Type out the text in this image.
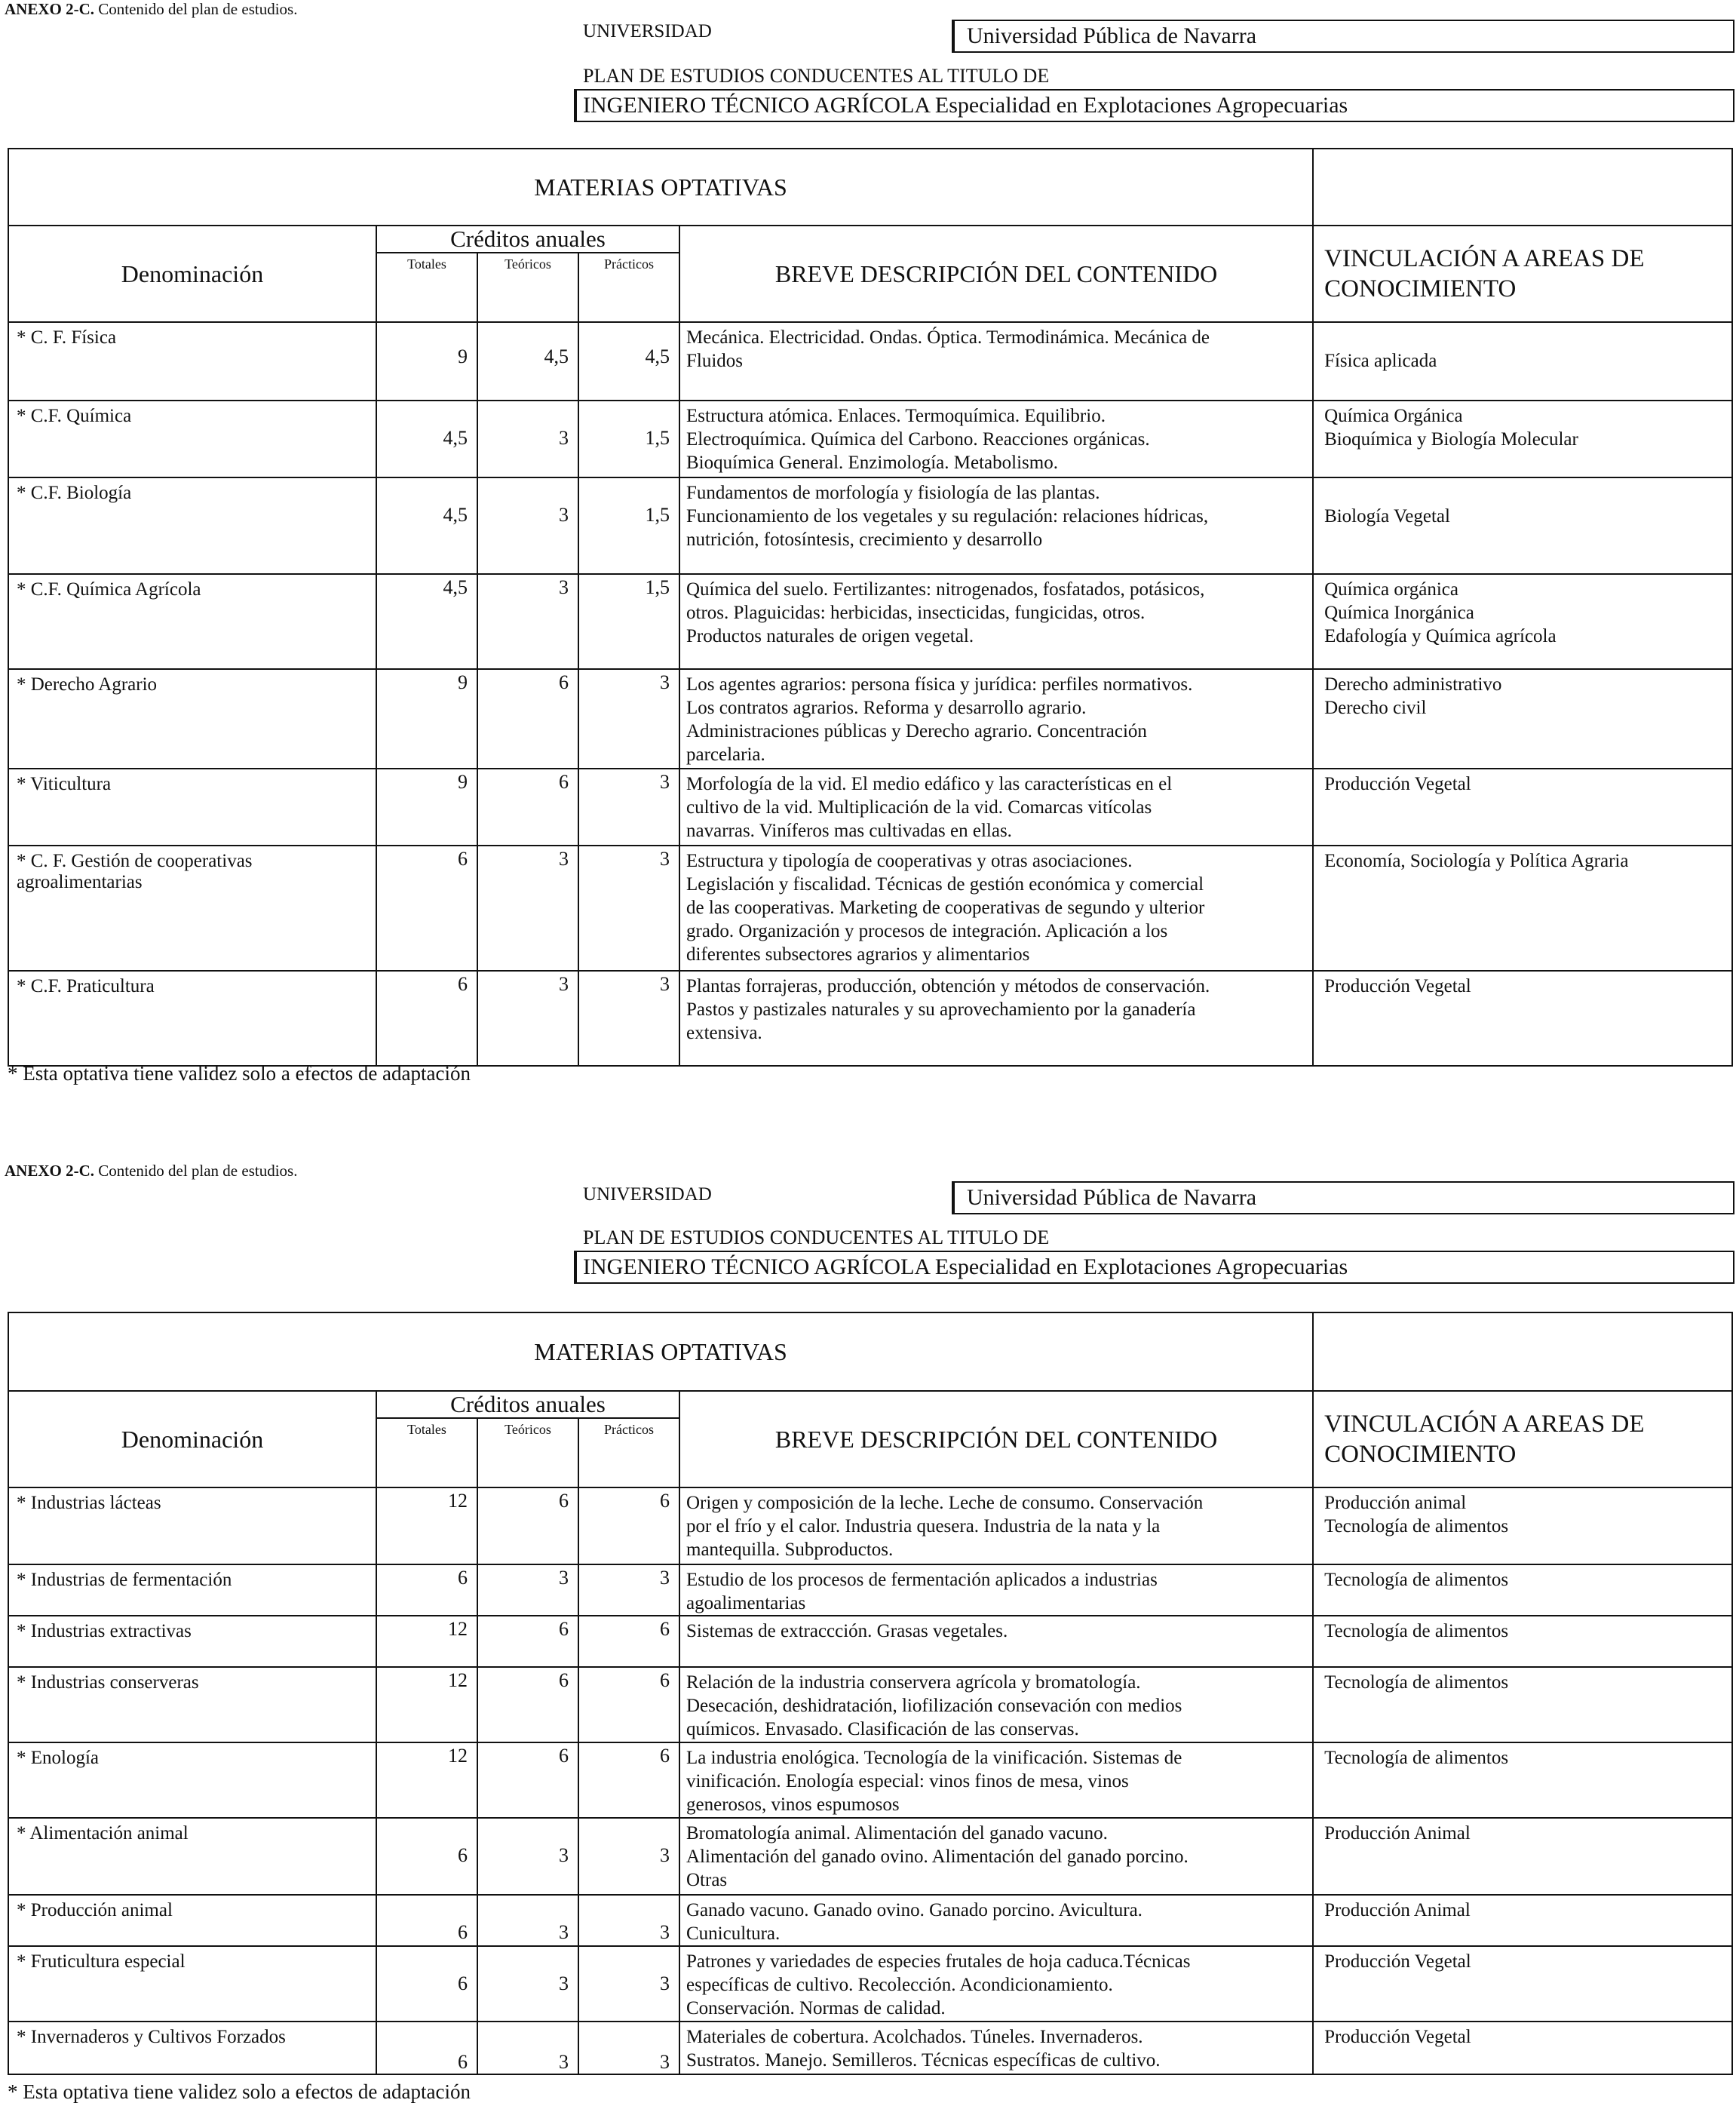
ANEXO 2-C. Contenido del plan de estudios.
UNIVERSIDAD	Universidad Pública de Navarra
PLAN DE ESTUDIOS CONDUCENTES AL TITULO DE
INGENIERO TÉCNICO AGRÍCOLA Especialidad en Explotaciones Agropecuarias
MATERIAS OPTATIVAS					
Denominación	Créditos anuales			BREVE DESCRIPCIÓN DEL CONTENIDO	VINCULACIÓN A AREAS DE CONOCIMIENTO
	Totales	Teóricos	Prácticos		
* C. F. Física	9	4,5	4,5	Mecánica. Electricidad. Ondas. Óptica. Termodinámica. Mecánica de
Fluidos	Física aplicada

* C.F. Química	4,5	3	1,5	Estructura atómica. Enlaces. Termoquímica. Equilibrio.
Electroquímica. Química del Carbono. Reacciones orgánicas.
Bioquímica General. Enzimología. Metabolismo.	Química Orgánica
Bioquímica y Biología Molecular

* C.F. Biología	4,5	3	1,5	Fundamentos de morfología y fisiología de las plantas.
Funcionamiento de los vegetales y su regulación: relaciones hídricas,
nutrición, fotosíntesis, crecimiento y desarrollo	Biología Vegetal

* C.F. Química Agrícola	4,5	3	1,5	Química del suelo. Fertilizantes: nitrogenados, fosfatados, potásicos,
otros. Plaguicidas: herbicidas, insecticidas, fungicidas, otros.
Productos naturales de origen vegetal.	Química orgánica
Química Inorgánica
Edafología y Química agrícola

* Derecho Agrario	9	6	3	Los agentes agrarios: persona física y jurídica: perfiles normativos.
Los contratos agrarios. Reforma y desarrollo agrario.
Administraciones públicas y Derecho agrario. Concentración
parcelaria.	Derecho administrativo
Derecho civil

* Viticultura	9	6	3	Morfología de la vid. El medio edáfico y las características en el
cultivo de la vid. Multiplicación de la vid. Comarcas vitícolas
navarras. Viníferos mas cultivadas en ellas.	Producción Vegetal

* C. F. Gestión de cooperativas agroalimentarias	6	3	3	Estructura y tipología de cooperativas y otras asociaciones.
Legislación y fiscalidad. Técnicas de gestión económica y comercial
de las cooperativas. Marketing de cooperativas de segundo y ulterior
grado. Organización y procesos de integración. Aplicación a los
diferentes subsectores agrarios y alimentarios	Economía, Sociología y Política Agraria

* C.F. Praticultura	6	3	3	Plantas forrajeras, producción, obtención y métodos de conservación.
Pastos y pastizales naturales y su aprovechamiento por la ganadería
extensiva.	Producción Vegetal
* Esta optativa tiene validez solo a efectos de adaptación
ANEXO 2-C. Contenido del plan de estudios.
UNIVERSIDAD	Universidad Pública de Navarra
PLAN DE ESTUDIOS CONDUCENTES AL TITULO DE
INGENIERO TÉCNICO AGRÍCOLA Especialidad en Explotaciones Agropecuarias
MATERIAS OPTATIVAS					
Denominación	Créditos anuales			BREVE DESCRIPCIÓN DEL CONTENIDO	VINCULACIÓN A AREAS DE CONOCIMIENTO
	Totales	Teóricos	Prácticos		
* Industrias lácteas	12	6	6	Origen y composición de la leche. Leche de consumo. Conservación
por el frío y el calor. Industria quesera. Industria de la nata y la
mantequilla. Subproductos.	Producción animal
Tecnología de alimentos

* Industrias de fermentación	6	3	3	Estudio de los procesos de fermentación aplicados a industrias
agoalimentarias	Tecnología de alimentos

* Industrias extractivas	12	6	6	Sistemas de extraccción. Grasas vegetales.	Tecnología de alimentos

* Industrias conserveras	12	6	6	Relación de la industria conservera agrícola y bromatología.
Desecación, deshidratación, liofilización consevación con medios
químicos. Envasado. Clasificación de las conservas.	Tecnología de alimentos

* Enología	12	6	6	La industria enológica. Tecnología de la vinificación. Sistemas de
vinificación. Enología especial: vinos finos de mesa, vinos
generosos, vinos espumosos	Tecnología de alimentos

* Alimentación animal	6	3	3	Bromatología animal. Alimentación del ganado vacuno.
Alimentación del ganado ovino. Alimentación del ganado porcino.
Otras	Producción Animal

* Producción animal	6	3	3	Ganado vacuno. Ganado ovino. Ganado porcino. Avicultura.
Cunicultura.	Producción Animal

* Fruticultura especial	6	3	3	Patrones y variedades de especies frutales de hoja caduca.Técnicas
específicas de cultivo. Recolección. Acondicionamiento.
Conservación. Normas de calidad.	Producción Vegetal

* Invernaderos y Cultivos Forzados	6	3	3	Materiales de cobertura. Acolchados. Túneles. Invernaderos.
Sustratos. Manejo. Semilleros. Técnicas específicas de cultivo.	Producción Vegetal
* Esta optativa tiene validez solo a efectos de adaptación
